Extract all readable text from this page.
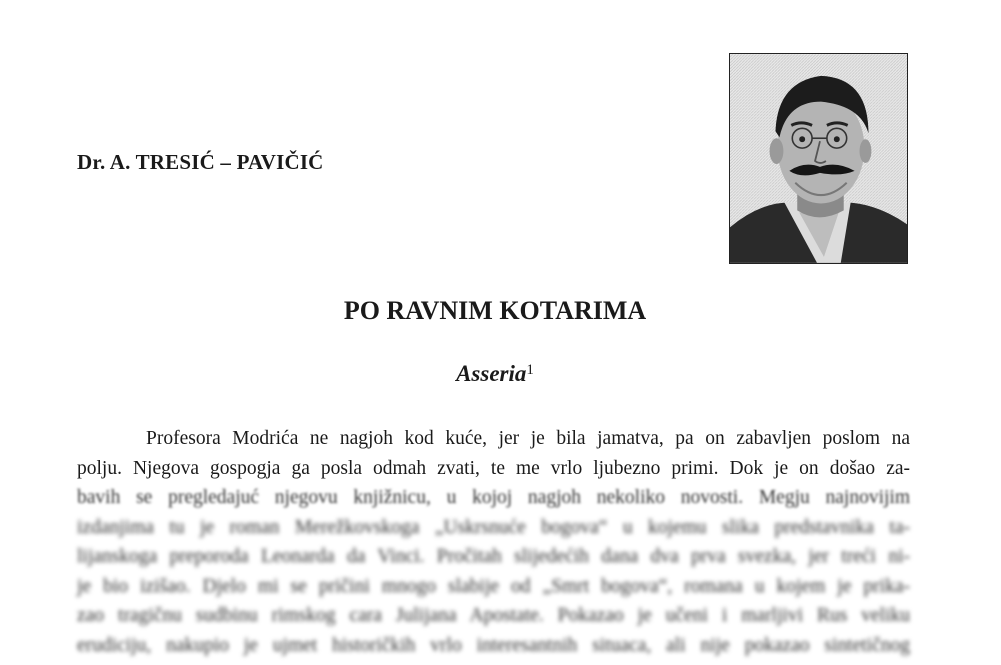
Dr. A. TRESIĆ – PAVIČIĆ
PO RAVNIM KOTARIMA
Asseria$^1$
Profesora Modrića ne nagjoh kod kuće, jer je bila jamatva, pa on zabavljen poslom na
polju. Njegova gospogja ga posla odmah zvati, te me vrlo ljubezno primi. Dok je on došao za-
bavih se pregledajuć njegovu knjižnicu, u kojoj nagjoh nekoliko novosti. Megju najnovijim
izdanjima tu je roman Merežkovskoga „Uskrsnuće bogova“ u kojemu slika predstavnika ta-
lijanskoga preporoda Leonarda da Vinci. Pročitah slijedećih dana dva prva svezka, jer treći ni-
je bio izišao. Djelo mi se pričini mnogo slabije od „Smrt bogova“, romana u kojem je prika-
zao tragičnu sudbinu rimskog cara Julijana Apostate. Pokazao je učeni i marljivi Rus veliku
erudiciju, nakupio je ujmet historičkih vrlo interesantnih situaca, ali nije pokazao sintetičnog
